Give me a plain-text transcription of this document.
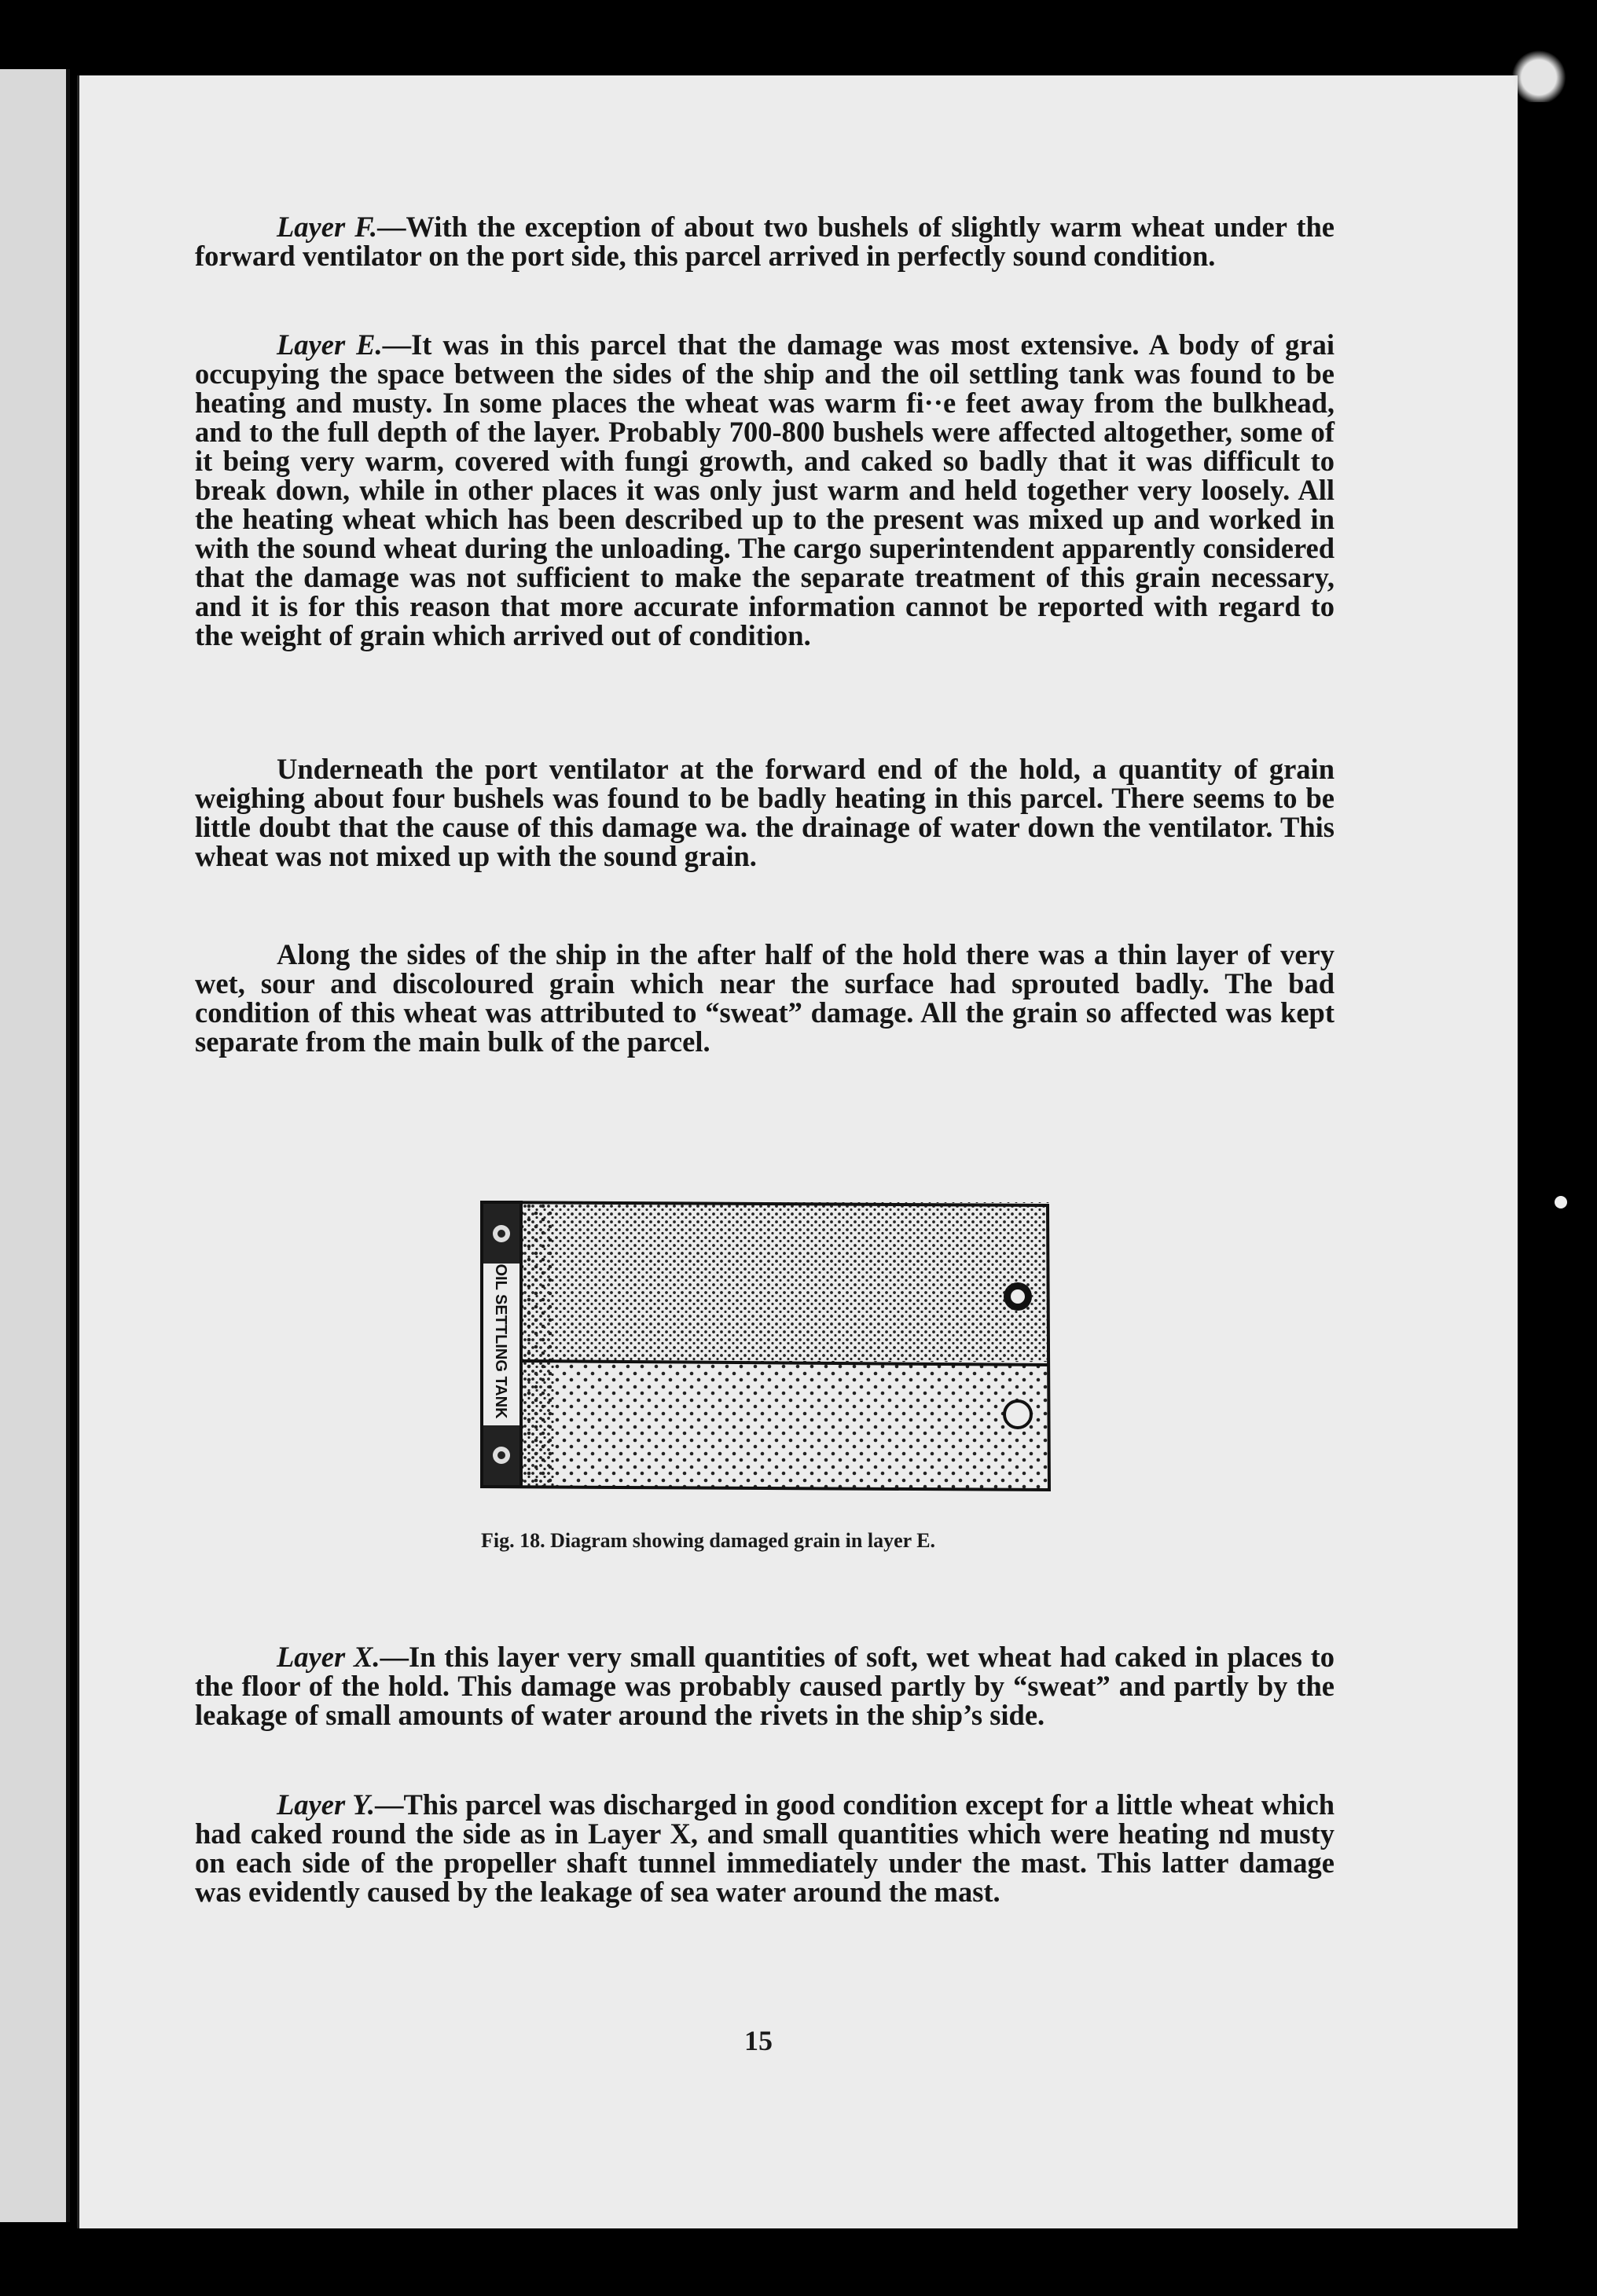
Layer F.—With the exception of about two bushels of slightly warm wheat under the forward ventilator on the port side, this parcel arrived in perfectly sound condition.

Layer E.—It was in this parcel that the damage was most extensive. A body of grai occupying the space between the sides of the ship and the oil settling tank was found to be heating and musty. In some places the wheat was warm fi··e feet away from the bulkhead, and to the full depth of the layer. Probably 700-800 bushels were affected altogether, some of it being very warm, covered with fungi growth, and caked so badly that it was difficult to break down, while in other places it was only just warm and held together very loosely. All the heating wheat which has been described up to the present was mixed up and worked in with the sound wheat during the unloading. The cargo superintendent apparently considered that the damage was not sufficient to make the separate treatment of this grain necessary, and it is for this reason that more accurate information cannot be reported with regard to the weight of grain which arrived out of condition.

Underneath the port ventilator at the forward end of the hold, a quantity of grain weighing about four bushels was found to be badly heating in this parcel. There seems to be little doubt that the cause of this damage wa. the drainage of water down the ventilator. This wheat was not mixed up with the sound grain.

Along the sides of the ship in the after half of the hold there was a thin layer of very wet, sour and discoloured grain which near the surface had sprouted badly. The bad condition of this wheat was attributed to “sweat” damage. All the grain so affected was kept separate from the main bulk of the parcel.

OIL SETTLING TANK
Fig. 18. Diagram showing damaged grain in layer E.

Layer X.—In this layer very small quantities of soft, wet wheat had caked in places to the floor of the hold. This damage was probably caused partly by “sweat” and partly by the leakage of small amounts of water around the rivets in the ship’s side.

Layer Y.—This parcel was discharged in good condition except for a little wheat which had caked round the side as in Layer X, and small quantities which were heating nd musty on each side of the propeller shaft tunnel immediately under the mast. This latter damage was evidently caused by the leakage of sea water around the mast.

15
